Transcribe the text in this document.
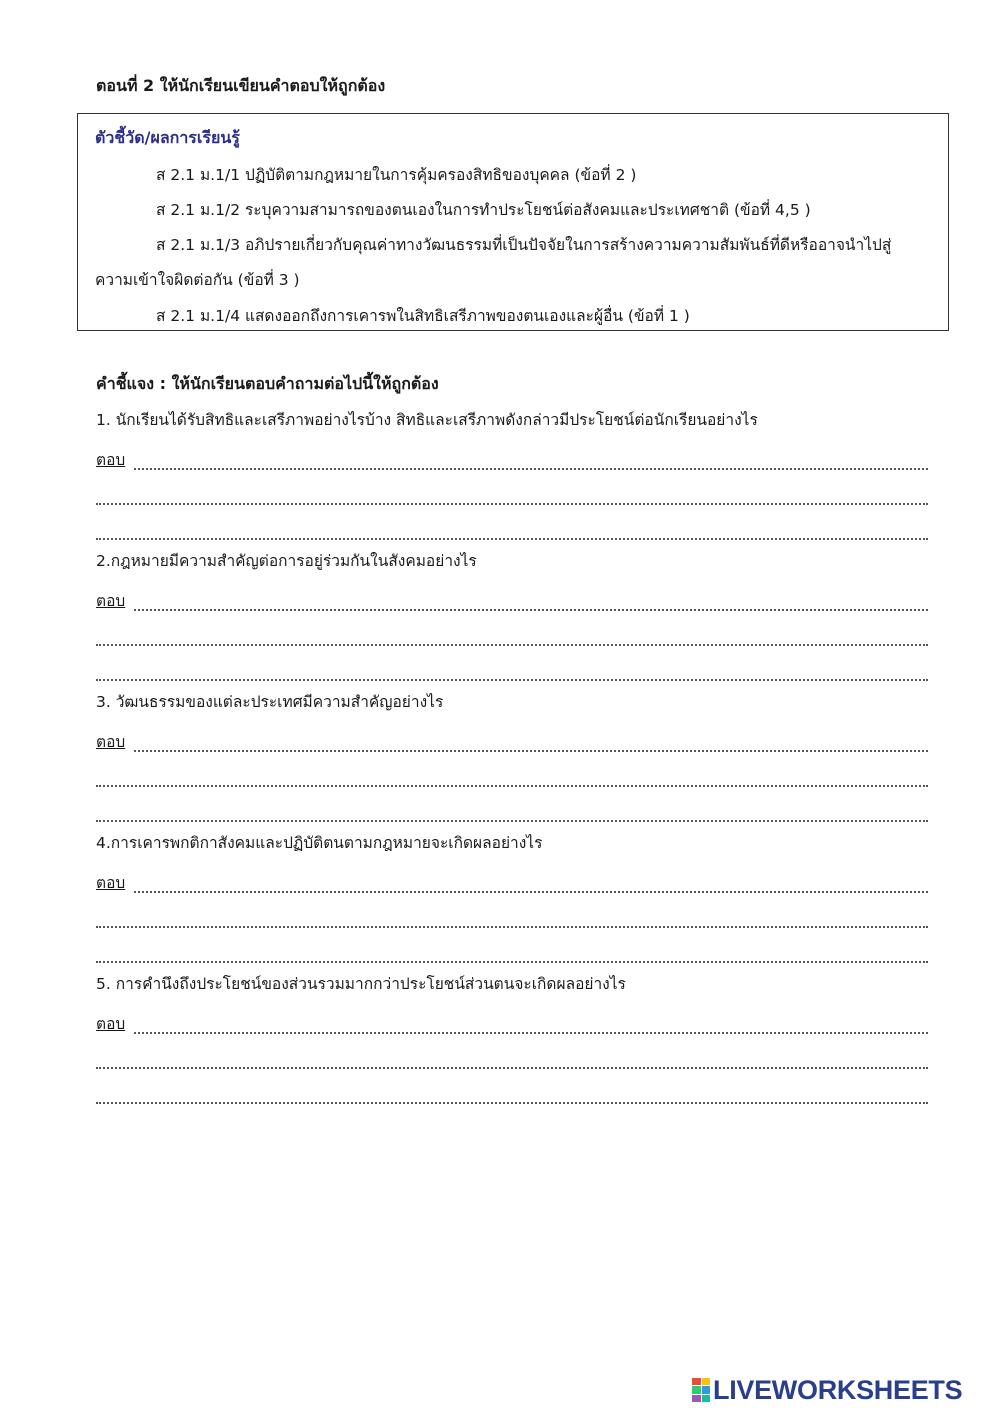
ตอนที่ 2 ให้นักเรียนเขียนคำตอบให้ถูกต้อง
ตัวชี้วัด/ผลการเรียนรู้

ส 2.1 ม.1/1 ปฏิบัติตามกฎหมายในการคุ้มครองสิทธิของบุคคล (ข้อที่ 2 )

ส 2.1 ม.1/2 ระบุความสามารถของตนเองในการทำประโยชน์ต่อสังคมและประเทศชาติ (ข้อที่ 4,5 )

ส 2.1 ม.1/3 อภิปรายเกี่ยวกับคุณค่าทางวัฒนธรรมที่เป็นปัจจัยในการสร้างความความสัมพันธ์ที่ดีหรืออาจนำไปสู่

ความเข้าใจผิดต่อกัน (ข้อที่ 3 )

ส 2.1 ม.1/4 แสดงออกถึงการเคารพในสิทธิเสรีภาพของตนเองและผู้อื่น (ข้อที่ 1 )

คำชี้แจง : ให้นักเรียนตอบคำถามต่อไปนี้ให้ถูกต้อง

1. นักเรียนได้รับสิทธิและเสรีภาพอย่างไรบ้าง สิทธิและเสรีภาพดังกล่าวมีประโยชน์ต่อนักเรียนอย่างไร
ตอบ
2.กฎหมายมีความสำคัญต่อการอยู่ร่วมกันในสังคมอย่างไร
ตอบ
3. วัฒนธรรมของแต่ละประเทศมีความสำคัญอย่างไร
ตอบ
4.การเคารพกติกาสังคมและปฏิบัติตนตามกฎหมายจะเกิดผลอย่างไร
ตอบ
5. การคำนึงถึงประโยชน์ของส่วนรวมมากกว่าประโยชน์ส่วนตนจะเกิดผลอย่างไร
ตอบ
LIVEWORKSHEETS
